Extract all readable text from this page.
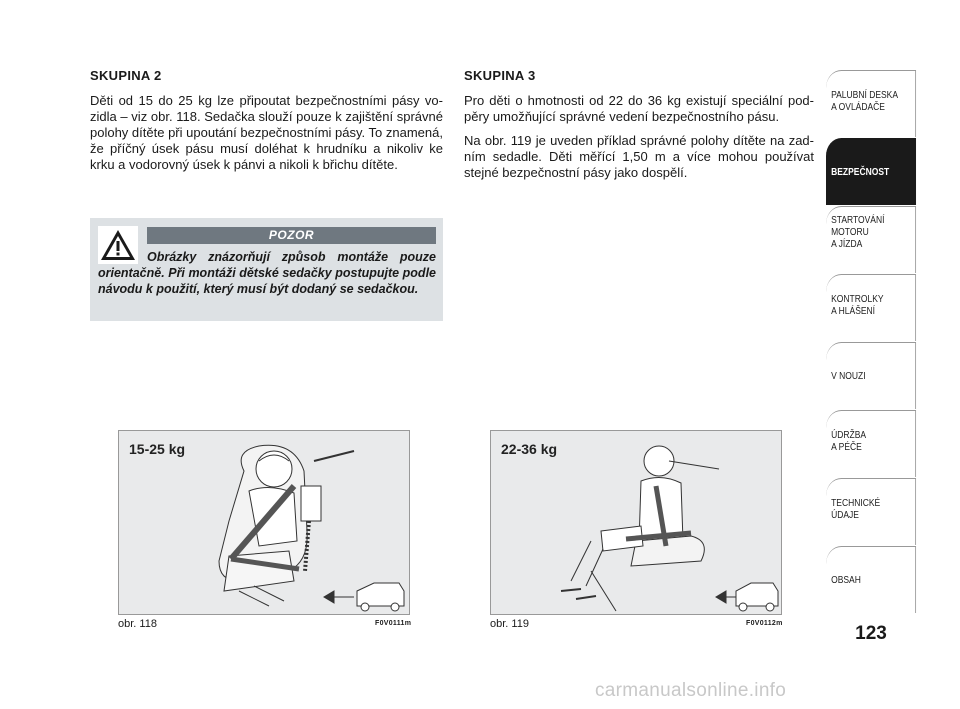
SKUPINA 2

Děti od 15 do 25 kg lze připoutat bezpečnostními pásy vozidla – viz obr. 118. Sedačka slouží pouze k zajištění správné polohy dítěte při upoutání bezpečnostními pásy. To znamená, že příčný úsek pásu musí doléhat k hrudníku a nikoliv ke krku a vodorovný úsek k pánvi a nikoli k břichu dítěte.

POZOR
Obrázky znázorňují způsob montáže pouze orientačně. Při montáži dětské sedačky postupujte podle návodu k použití, který musí být dodaný se sedačkou.
SKUPINA 3

Pro děti o hmotnosti od 22 do 36 kg existují speciální podpěry umožňující správné vedení bezpečnostního pásu.

Na obr. 119 je uveden příklad správné polohy dítěte na zadním sedadle. Děti měřící 1,50 m a více mohou používat stejné bezpečnostní pásy jako dospělí.

15-25 kg
obr. 118	F0V0111m
22-36 kg
obr. 119	F0V0112m
PALUBNÍ DESKA
A OVLÁDAČE
BEZPEČNOST
STARTOVÁNÍ
MOTORU
A JÍZDA
KONTROLKY
A HLÁŠENÍ
V NOUZI
ÚDRŽBA
A PÉČE
TECHNICKÉ
ÚDAJE
OBSAH
123
carmanualsonline.info
